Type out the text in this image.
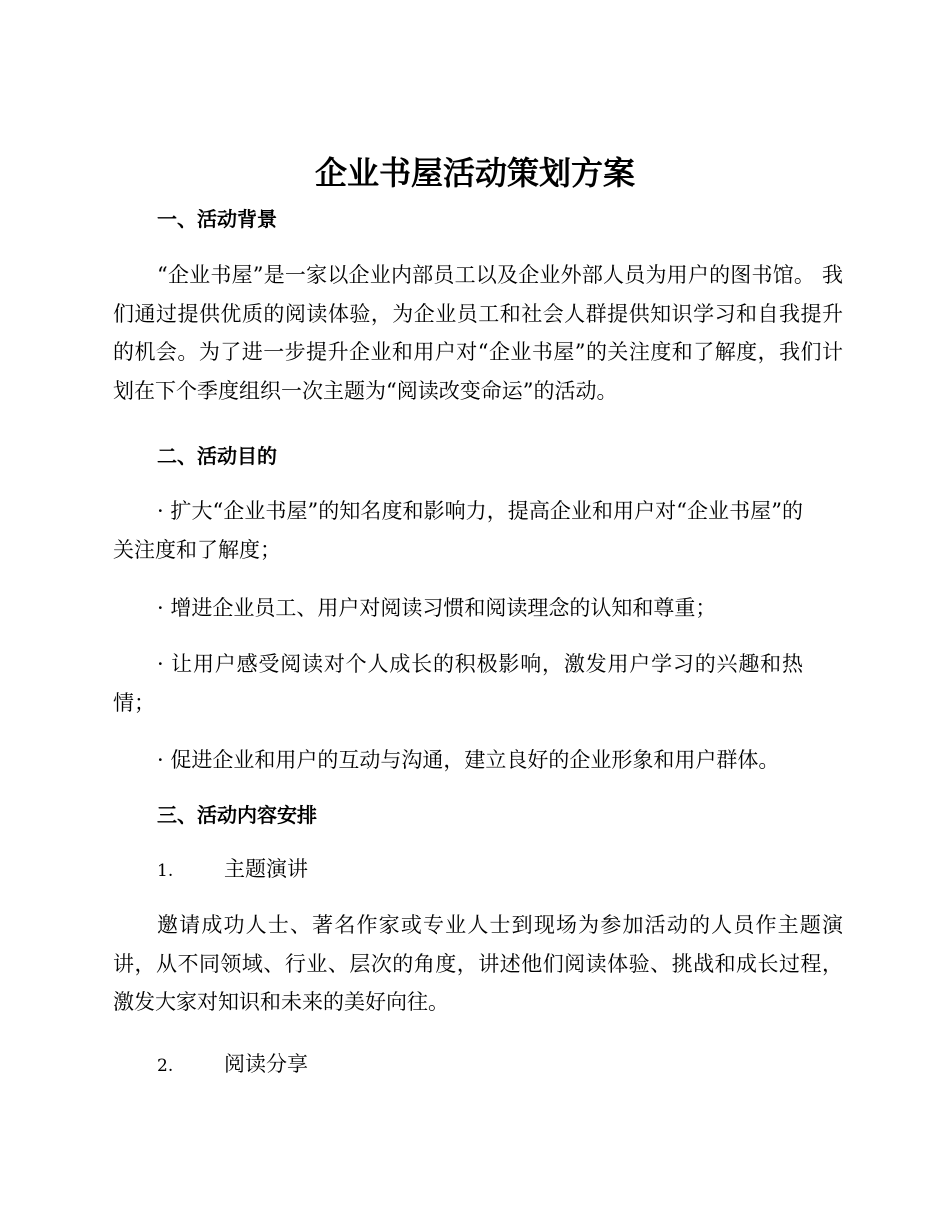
企业书屋活动策划方案
一、活动背景

“企业书屋”是一家以企业内部员工以及企业外部人员为用户的图书馆。 我们通过提供优质的阅读体验，为企业员工和社会人群提供知识学习和自我提升的机会。为了进一步提升企业和用户对“企业书屋”的关注度和了解度，我们计划在下个季度组织一次主题为“阅读改变命运”的活动。

二、活动目的

· 扩大“企业书屋”的知名度和影响力，提高企业和用户对“企业书屋”的关注度和了解度；

· 增进企业员工、用户对阅读习惯和阅读理念的认知和尊重；

· 让用户感受阅读对个人成长的积极影响，激发用户学习的兴趣和热情；

· 促进企业和用户的互动与沟通，建立良好的企业形象和用户群体。

三、活动内容安排

1. 主题演讲

邀请成功人士、著名作家或专业人士到现场为参加活动的人员作主题演讲，从不同领域、行业、层次的角度，讲述他们阅读体验、挑战和成长过程，激发大家对知识和未来的美好向往。

2. 阅读分享
